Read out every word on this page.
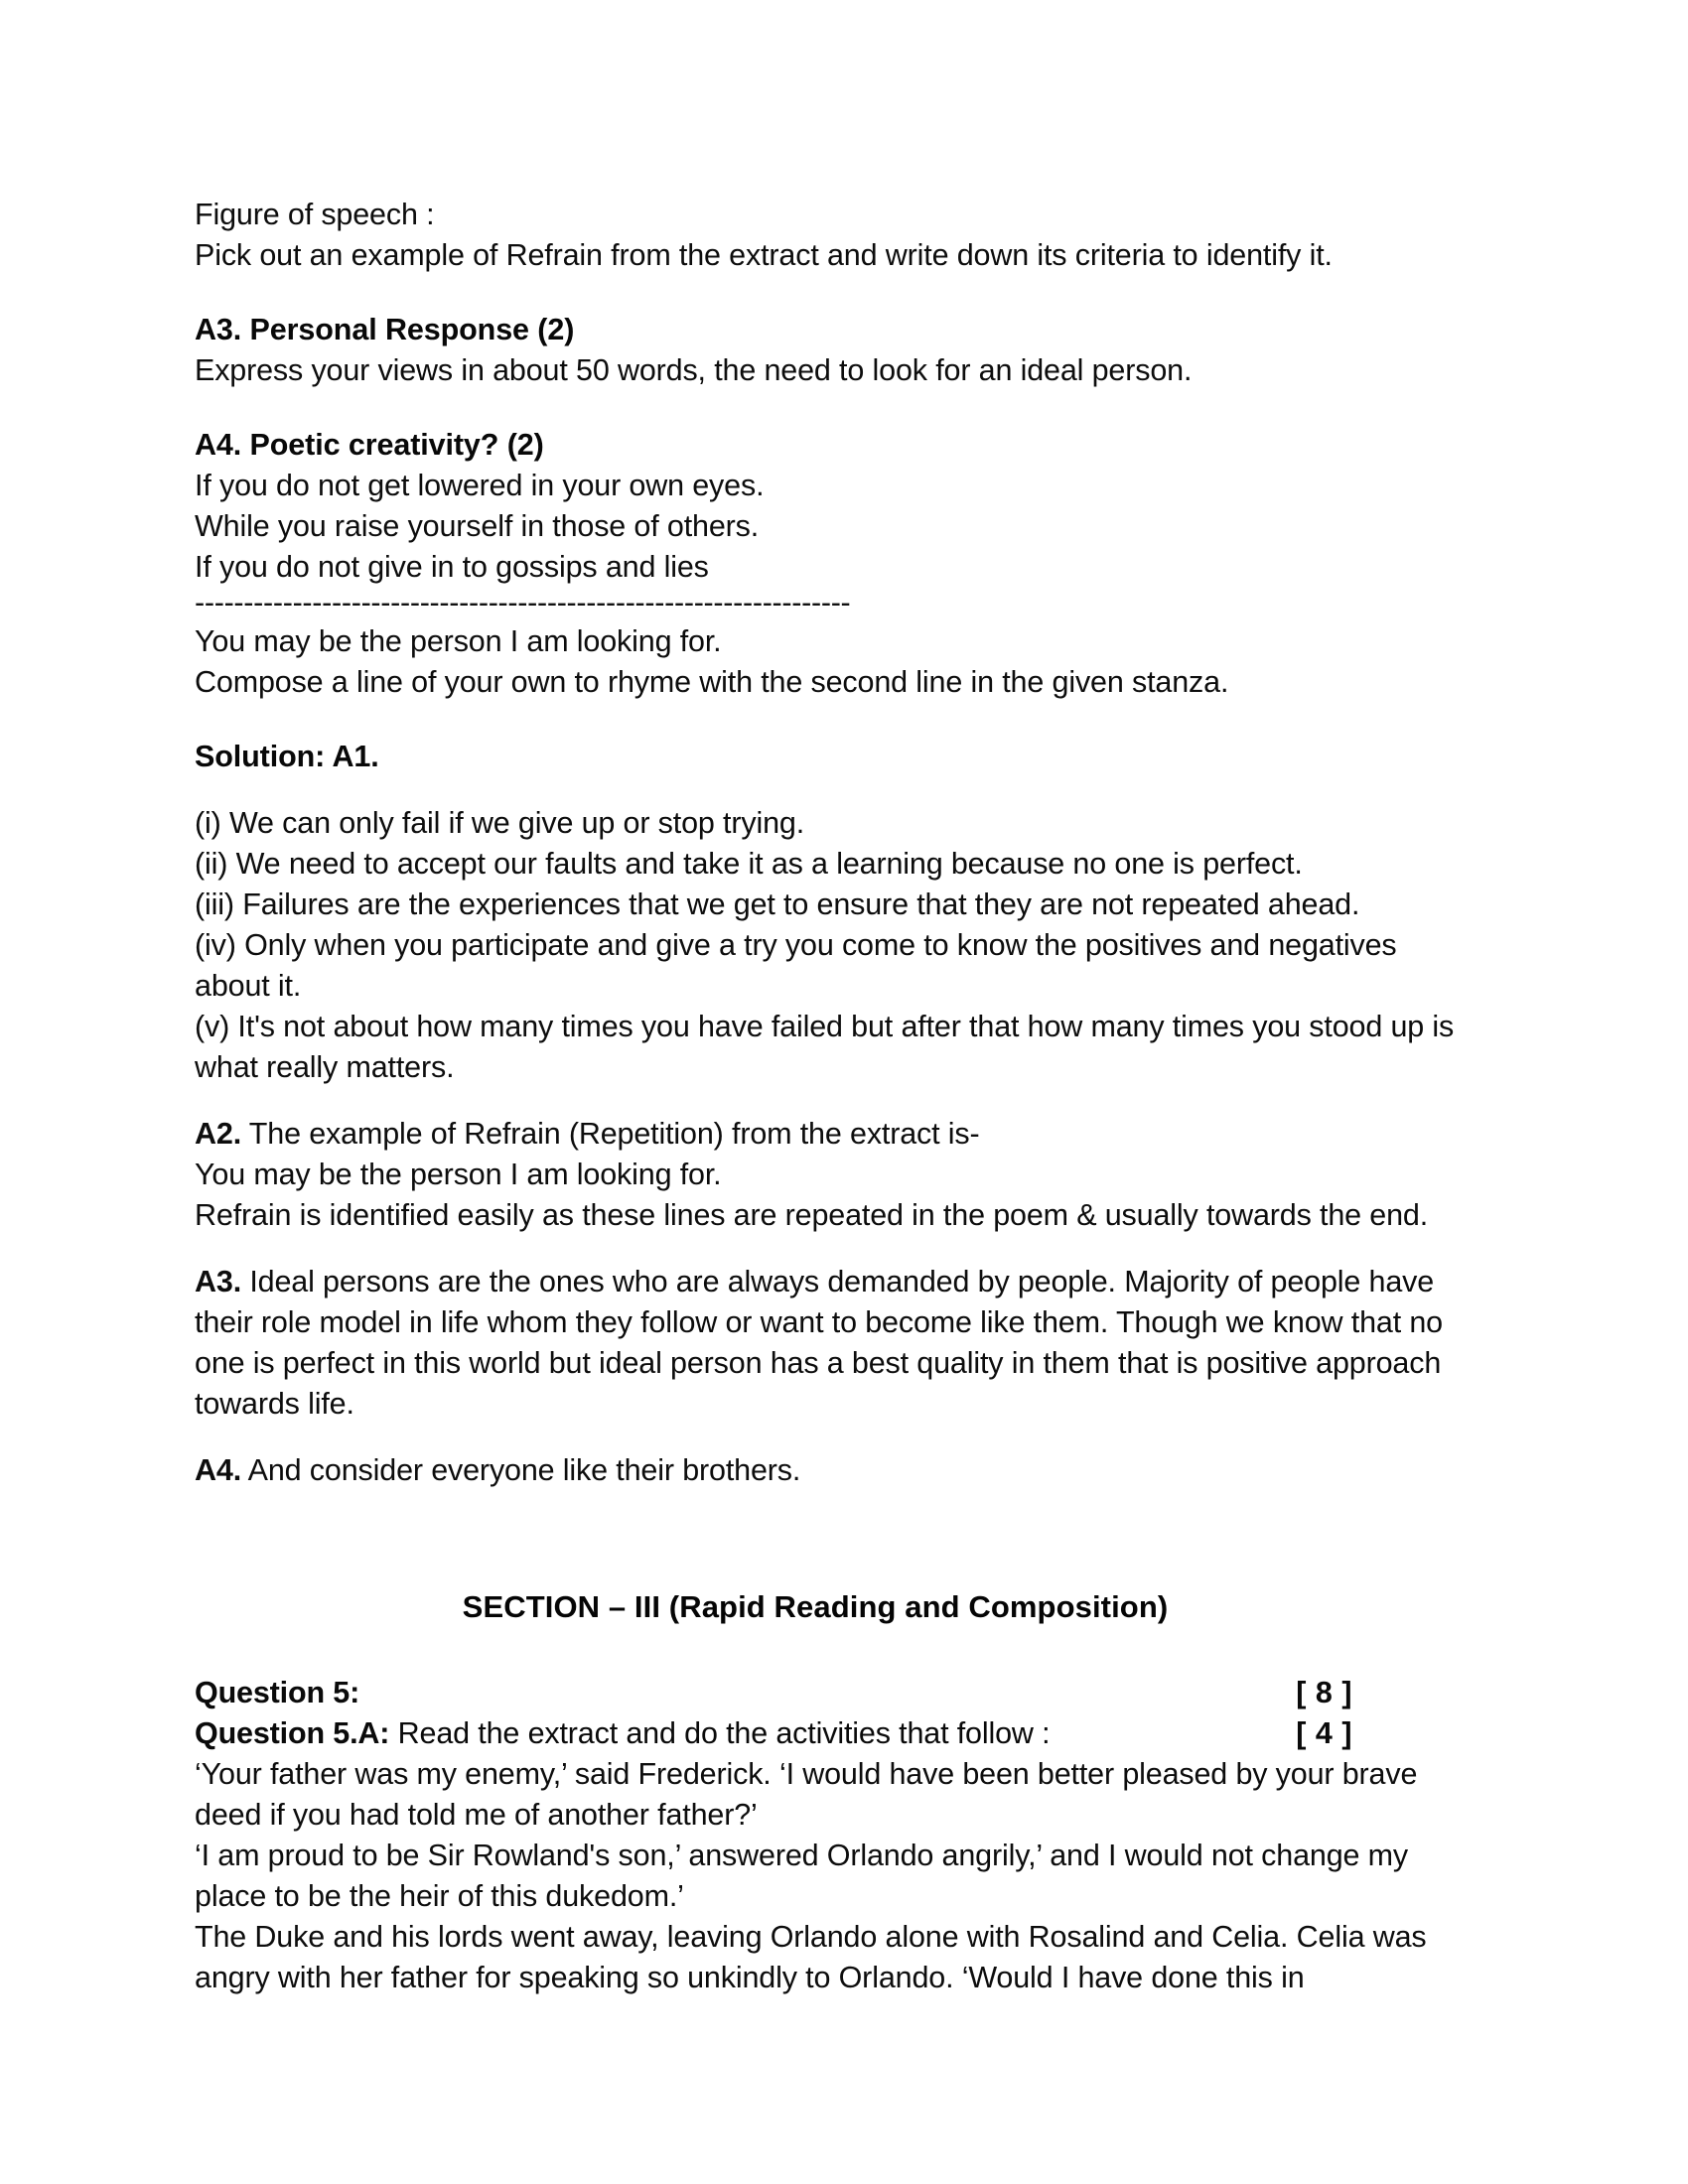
Figure of speech :
Pick out an example of Refrain from the extract and write down its criteria to identify it.
A3. Personal Response (2)
Express your views in about 50 words, the need to look for an ideal person.
A4. Poetic creativity? (2)
If you do not get lowered in your own eyes.
While you raise yourself in those of others.
If you do not give in to gossips and lies
-------------------------------------------------------------------
You may be the person I am looking for.
Compose a line of your own to rhyme with the second line in the given stanza.
Solution: A1.
(i) We can only fail if we give up or stop trying.
(ii) We need to accept our faults and take it as a learning because no one is perfect.
(iii) Failures are the experiences that we get to ensure that they are not repeated ahead.
(iv) Only when you participate and give a try you come to know the positives and negatives about it.
(v) It's not about how many times you have failed but after that how many times you stood up is what really matters.
A2. The example of Refrain (Repetition) from the extract is-
You may be the person I am looking for.
Refrain is identified easily as these lines are repeated in the poem & usually towards the end.
A3. Ideal persons are the ones who are always demanded by people. Majority of people have their role model in life whom they follow or want to become like them. Though we know that no one is perfect in this world but ideal person has a best quality in them that is positive approach towards life.
A4. And consider everyone like their brothers.
SECTION – III (Rapid Reading and Composition)
Question 5:	[ 8 ]
Question 5.A: Read the extract and do the activities that follow :	[ 4 ]
‘Your father was my enemy,’ said Frederick. ‘I would have been better pleased by your brave deed if you had told me of another father?’
‘I am proud to be Sir Rowland's son,’ answered Orlando angrily,’ and I would not change my place to be the heir of this dukedom.’
The Duke and his lords went away, leaving Orlando alone with Rosalind and Celia. Celia was angry with her father for speaking so unkindly to Orlando. ‘Would I have done this in
